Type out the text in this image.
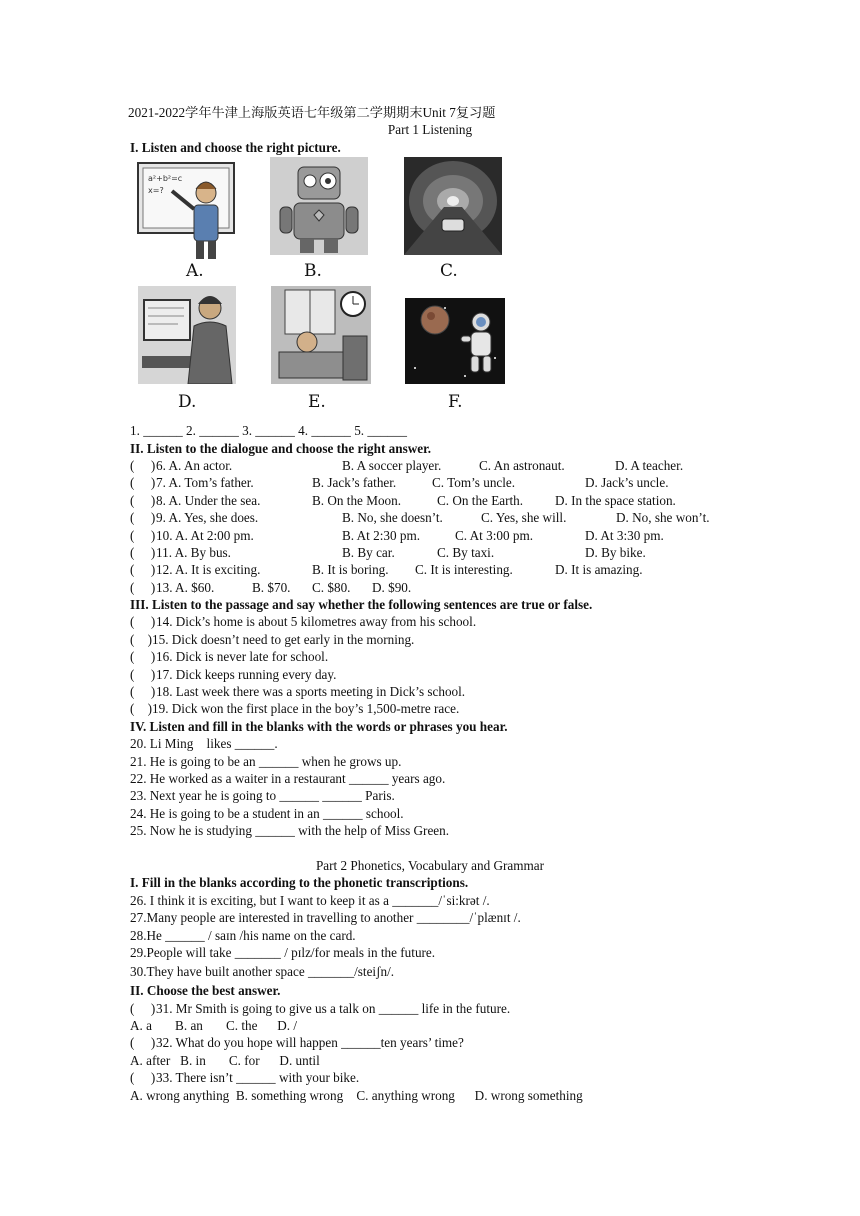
2021-2022学年牛津上海版英语七年级第二学期期末Unit 7复习题
Part 1 Listening
I. Listen and choose the right picture.
a²+b²=c
x=?
A.	B.	C.
D.	E.	F.
1. ______ 2. ______ 3. ______ 4. ______ 5. ______
II. Listen to the dialogue and choose the right answer.
(     )6. A. An actor.	B. A soccer player.	C. An astronaut.	D. A teacher.
(     )7. A. Tom’s father.	B. Jack’s father.	C. Tom’s uncle.	D. Jack’s uncle.
(     )8. A. Under the sea.	B. On the Moon.	C. On the Earth. D. In the space station.
(     )9. A. Yes, she does.	B. No, she doesn’t.	C. Yes, she will.	D. No, she won’t.
(     )10. A. At 2:00 pm.	B. At 2:30 pm.	C. At 3:00 pm.	D. At 3:30 pm.
(     )11. A. By bus.	B. By car.	C. By taxi.	D. By bike.
(     )12. A. It is exciting.	B. It is boring. C. It is interesting.	D. It is amazing.
(     )13. A. $60.	B. $70. C. $80. D. $90.
III. Listen to the passage and say whether the following sentences are true or false.
(     )14. Dick’s home is about 5 kilometres away from his school.
(    )15. Dick doesn’t need to get early in the morning.
(     )16. Dick is never late for school.
(     )17. Dick keeps running every day.
(     )18. Last week there was a sports meeting in Dick’s school.
(    )19. Dick won the first place in the boy’s 1,500-metre race.
IV. Listen and fill in the blanks with the words or phrases you hear.
20. Li Ming    likes ______.
21. He is going to be an ______ when he grows up.
22. He worked as a waiter in a restaurant ______ years ago.
23. Next year he is going to ______ ______ Paris.
24. He is going to be a student in an ______ school.
25. Now he is studying ______ with the help of Miss Green.
Part 2 Phonetics, Vocabulary and Grammar
I. Fill in the blanks according to the phonetic transcriptions.
26. I think it is exciting, but I want to keep it as a _______/ˈsi:krət /.
27.Many people are interested in travelling to another ________/ˈplænɪt /.
28.He ______ / saɪn /his name on the card.
29.People will take _______ / pɪlz/for meals in the future.
30.They have built another space _______/steiʃn/.
II. Choose the best answer.
(     )31. Mr Smith is going to give us a talk on ______ life in the future.
A. a       B. an       C. the      D. /
(     )32. What do you hope will happen ______ten years’ time?
A. after   B. in       C. for      D. until
(     )33. There isn’t ______ with your bike.
A. wrong anything  B. something wrong    C. anything wrong      D. wrong something
